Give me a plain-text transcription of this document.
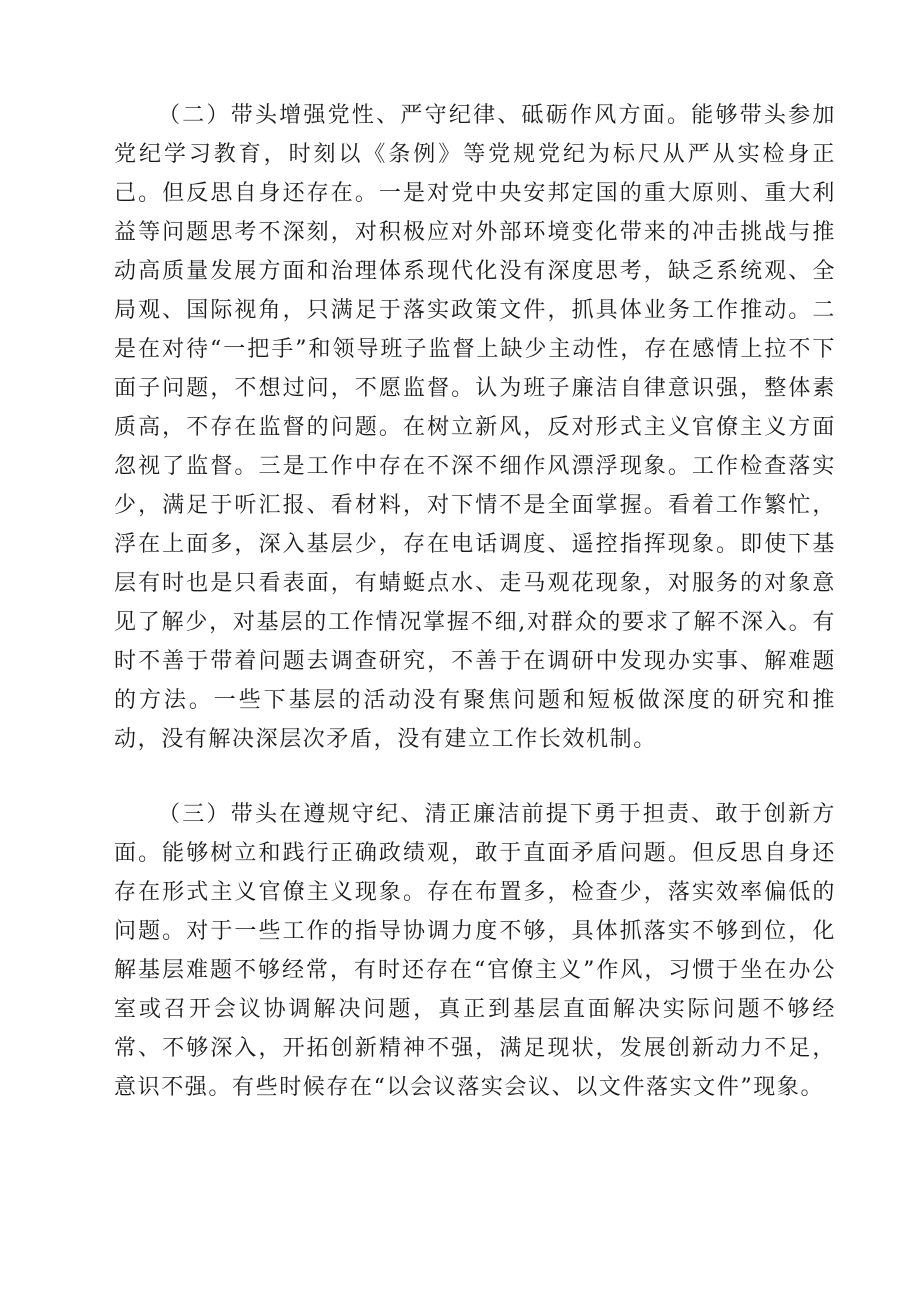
（二）带头增强党性、严守纪律、砥砺作风方面。能够带头参加党纪学习教育，时刻以《条例》等党规党纪为标尺从严从实检身正己。但反思自身还存在。一是对党中央安邦定国的重大原则、重大利益等问题思考不深刻，对积极应对外部环境变化带来的冲击挑战与推动高质量发展方面和治理体系现代化没有深度思考，缺乏系统观、全局观、国际视角，只满足于落实政策文件，抓具体业务工作推动。二是在对待“一把手”和领导班子监督上缺少主动性，存在感情上拉不下面子问题，不想过问，不愿监督。认为班子廉洁自律意识强，整体素质高，不存在监督的问题。在树立新风，反对形式主义官僚主义方面忽视了监督。三是工作中存在不深不细作风漂浮现象。工作检查落实少，满足于听汇报、看材料，对下情不是全面掌握。看着工作繁忙，浮在上面多，深入基层少，存在电话调度、遥控指挥现象。即使下基层有时也是只看表面，有蜻蜓点水、走马观花现象，对服务的对象意见了解少，对基层的工作情况掌握不细,对群众的要求了解不深入。有时不善于带着问题去调查研究，不善于在调研中发现办实事、解难题的方法。一些下基层的活动没有聚焦问题和短板做深度的研究和推动，没有解决深层次矛盾，没有建立工作长效机制。

（三）带头在遵规守纪、清正廉洁前提下勇于担责、敢于创新方面。能够树立和践行正确政绩观，敢于直面矛盾问题。但反思自身还存在形式主义官僚主义现象。存在布置多，检查少，落实效率偏低的问题。对于一些工作的指导协调力度不够，具体抓落实不够到位，化解基层难题不够经常，有时还存在“官僚主义”作风，习惯于坐在办公室或召开会议协调解决问题，真正到基层直面解决实际问题不够经常、不够深入，开拓创新精神不强，满足现状，发展创新动力不足，意识不强。有些时候存在“以会议落实会议、以文件落实文件”现象。
